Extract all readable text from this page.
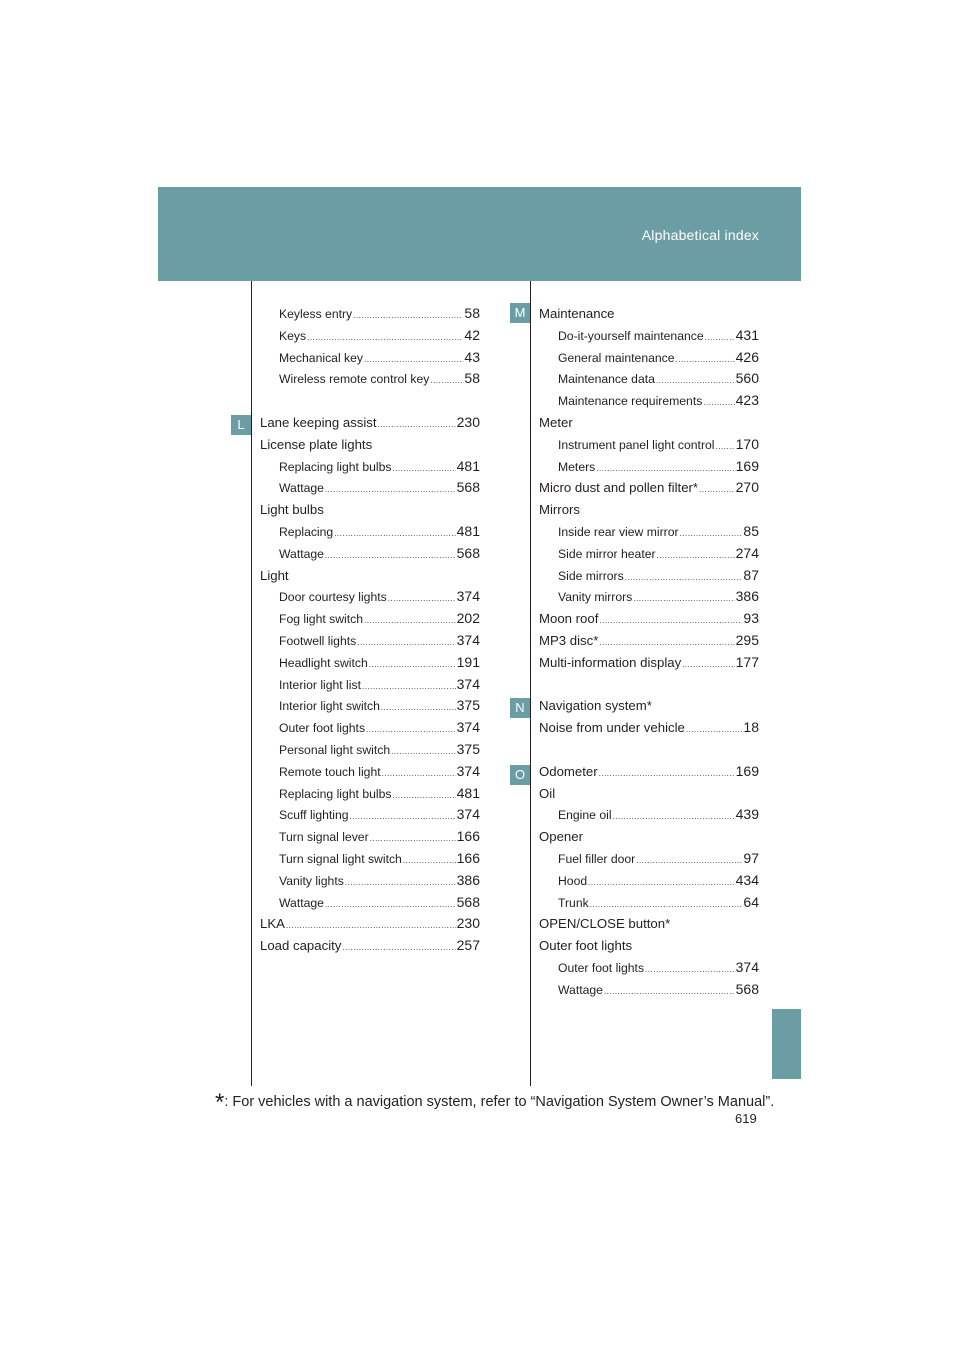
Alphabetical index
M
L
N
O
Keyless entry .....	58
Keys .....	42
Mechanical key .....	43
Wireless remote control key .....	58
Lane keeping assist .....	230
License plate lights
Replacing light bulbs .....	481
Wattage .....	568
Light bulbs
Replacing .....	481
Wattage .....	568
Light
Door courtesy lights .....	374
Fog light switch .....	202
Footwell lights .....	374
Headlight switch .....	191
Interior light list .....	374
Interior light switch .....	375
Outer foot lights .....	374
Personal light switch .....	375
Remote touch light .....	374
Replacing light bulbs .....	481
Scuff lighting .....	374
Turn signal lever .....	166
Turn signal light switch .....	166
Vanity lights .....	386
Wattage .....	568
LKA .....	230
Load capacity .....	257
Maintenance
Do-it-yourself maintenance ..... 431
General maintenance .....	426
Maintenance data .....	560
Maintenance requirements ..... 423
Meter
Instrument panel light control ..... 170
Meters .....	169
Micro dust and pollen filter* .....	270
Mirrors
Inside rear view mirror .....	85
Side mirror heater .....	274
Side mirrors .....	87
Vanity mirrors .....	386
Moon roof .....	93
MP3 disc* .....	295
Multi-information display .....	177
Navigation system*
Noise from under vehicle .....	18
Odometer .....	169
Oil
Engine oil .....	439
Opener
Fuel filler door .....	97
Hood .....	434
Trunk .....	64
OPEN/CLOSE button*
Outer foot lights
Outer foot lights .....	374
Wattage .....	568
*: For vehicles with a navigation system, refer to “Navigation System Owner’s Manual”.
619
